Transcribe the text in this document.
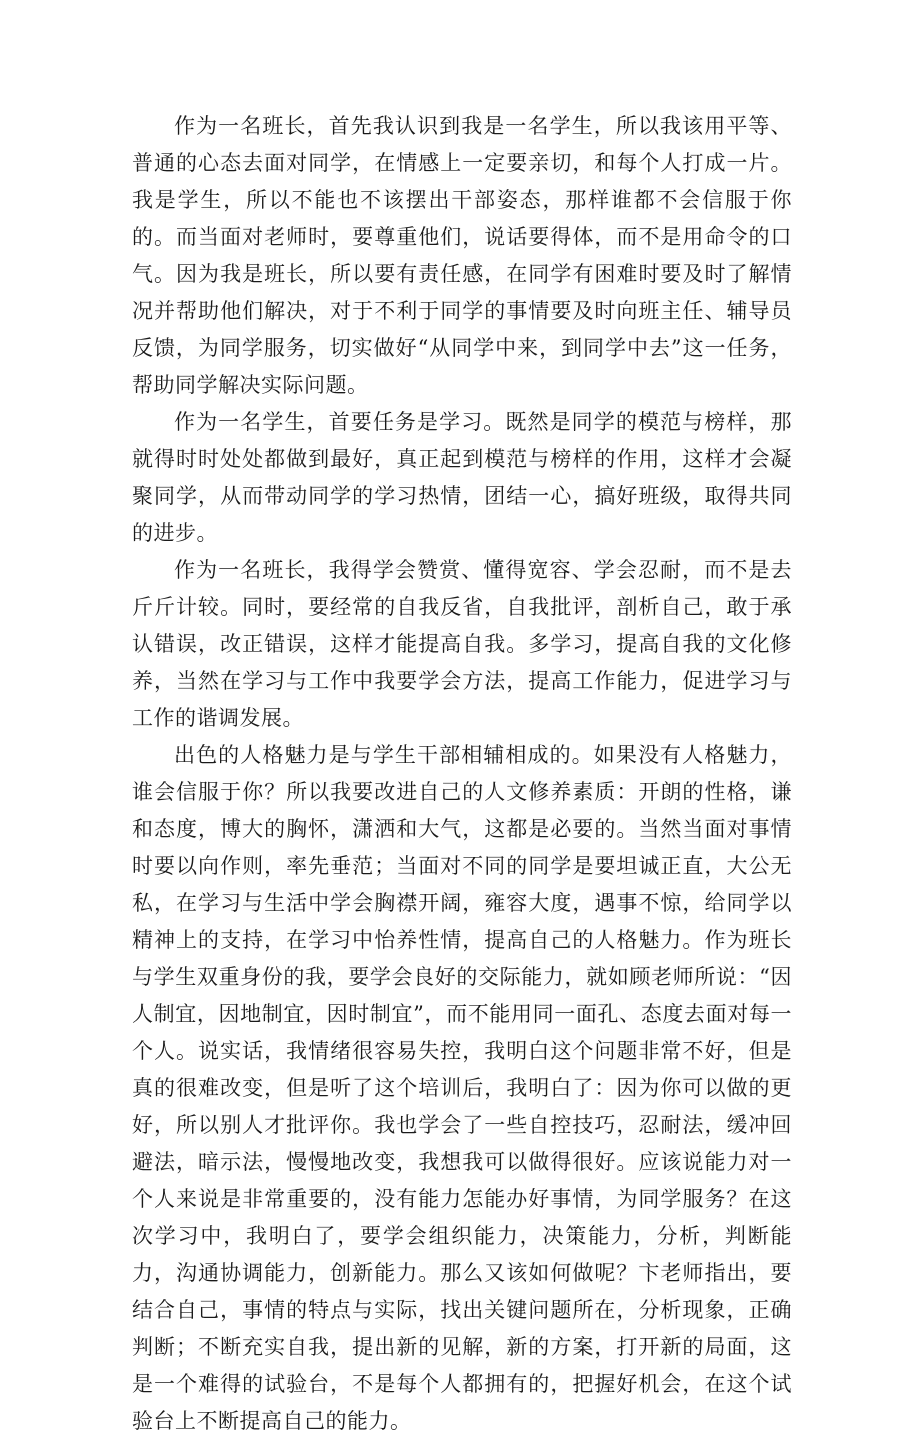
作为一名班长，首先我认识到我是一名学生，所以我该用平等、普通的心态去面对同学，在情感上一定要亲切，和每个人打成一片。我是学生，所以不能也不该摆出干部姿态，那样谁都不会信服于你的。而当面对老师时，要尊重他们，说话要得体，而不是用命令的口气。因为我是班长，所以要有责任感，在同学有困难时要及时了解情况并帮助他们解决，对于不利于同学的事情要及时向班主任、辅导员反馈，为同学服务，切实做好“从同学中来，到同学中去”这一任务，帮助同学解决实际问题。

作为一名学生，首要任务是学习。既然是同学的模范与榜样，那就得时时处处都做到最好，真正起到模范与榜样的作用，这样才会凝聚同学，从而带动同学的学习热情，团结一心，搞好班级，取得共同的进步。

作为一名班长，我得学会赞赏、懂得宽容、学会忍耐，而不是去斤斤计较。同时，要经常的自我反省，自我批评，剖析自己，敢于承认错误，改正错误，这样才能提高自我。多学习，提高自我的文化修养，当然在学习与工作中我要学会方法，提高工作能力，促进学习与工作的谐调发展。

出色的人格魅力是与学生干部相辅相成的。如果没有人格魅力，谁会信服于你？所以我要改进自己的人文修养素质：开朗的性格，谦和态度，博大的胸怀，潇洒和大气，这都是必要的。当然当面对事情时要以向作则，率先垂范；当面对不同的同学是要坦诚正直，大公无私，在学习与生活中学会胸襟开阔，雍容大度，遇事不惊，给同学以精神上的支持，在学习中怡养性情，提高自己的人格魅力。作为班长与学生双重身份的我，要学会良好的交际能力，就如顾老师所说：“因人制宜，因地制宜，因时制宜”，而不能用同一面孔、态度去面对每一个人。说实话，我情绪很容易失控，我明白这个问题非常不好，但是真的很难改变，但是听了这个培训后，我明白了：因为你可以做的更好，所以别人才批评你。我也学会了一些自控技巧，忍耐法，缓冲回避法，暗示法，慢慢地改变，我想我可以做得很好。应该说能力对一个人来说是非常重要的，没有能力怎能办好事情，为同学服务？在这次学习中，我明白了，要学会组织能力，决策能力，分析，判断能力，沟通协调能力，创新能力。那么又该如何做呢？卞老师指出，要结合自己，事情的特点与实际，找出关键问题所在，分析现象，正确判断；不断充实自我，提出新的见解，新的方案，打开新的局面，这是一个难得的试验台，不是每个人都拥有的，把握好机会，在这个试验台上不断提高自己的能力。
